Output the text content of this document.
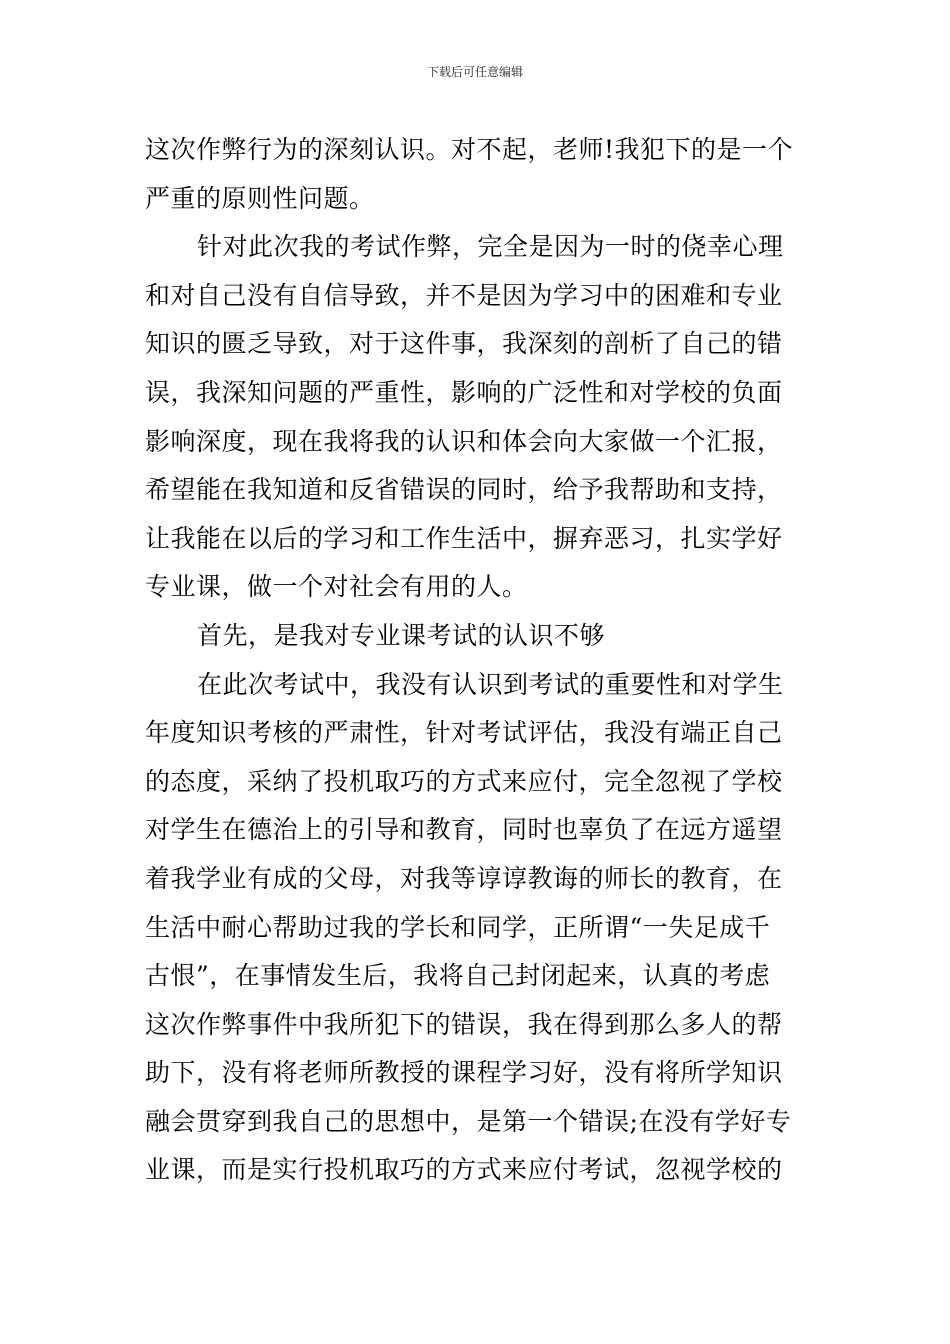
下载后可任意编辑
这次作弊行为的深刻认识。对不起，老师!我犯下的是一个
严重的原则性问题。
针对此次我的考试作弊，完全是因为一时的侥幸心理
和对自己没有自信导致，并不是因为学习中的困难和专业
知识的匮乏导致，对于这件事，我深刻的剖析了自己的错
误，我深知问题的严重性，影响的广泛性和对学校的负面
影响深度，现在我将我的认识和体会向大家做一个汇报，
希望能在我知道和反省错误的同时，给予我帮助和支持，
让我能在以后的学习和工作生活中，摒弃恶习，扎实学好
专业课，做一个对社会有用的人。
首先，是我对专业课考试的认识不够
在此次考试中，我没有认识到考试的重要性和对学生
年度知识考核的严肃性，针对考试评估，我没有端正自己
的态度，采纳了投机取巧的方式来应付，完全忽视了学校
对学生在德治上的引导和教育，同时也辜负了在远方遥望
着我学业有成的父母，对我等谆谆教诲的师长的教育，在
生活中耐心帮助过我的学长和同学，正所谓“一失足成千
古恨”，在事情发生后，我将自己封闭起来，认真的考虑
这次作弊事件中我所犯下的错误，我在得到那么多人的帮
助下，没有将老师所教授的课程学习好，没有将所学知识
融会贯穿到我自己的思想中，是第一个错误;在没有学好专
业课，而是实行投机取巧的方式来应付考试，忽视学校的
